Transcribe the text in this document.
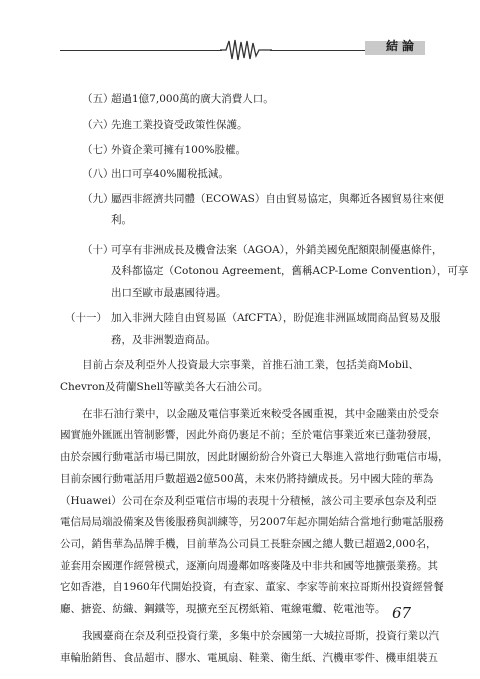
結論
67
（五）
超過1億7,000萬的廣大消費人口。
（六）
先進工業投資受政策性保護。
（七）
外資企業可擁有100%股權。
（八）
出口可享40%關稅抵減。
（九）
屬西非經濟共同體（ECOWAS）自由貿易協定，與鄰近各國貿易往來便
利。
（十）
可享有非洲成長及機會法案（AGOA），外銷美國免配額限制優惠條件，
及科都協定（Cotonou Agreement，舊稱ACP-Lome Convention），可享
出口至歐市最惠國待遇。
（十一） 加入非洲大陸自由貿易區（AfCFTA），盼促進非洲區域間商品貿易及服
務，及非洲製造商品。
目前占奈及利亞外人投資最大宗事業，首推石油工業，包括美商Mobil、
Chevron及荷蘭Shell等歐美各大石油公司。
在非石油行業中，以金融及電信事業近來較受各國重視，其中金融業由於受奈
國實施外匯匯出管制影響，因此外商仍裹足不前；至於電信事業近來已蓬勃發展，
由於奈國行動電話市場已開放，因此財團紛紛合外資已大舉進入當地行動電信市場，
目前奈國行動電話用戶數超過2億500萬，未來仍將持續成長。另中國大陸的華為
（Huawei）公司在奈及利亞電信市場的表現十分積極，該公司主要承包奈及利亞
電信局局端設備案及售後服務與訓練等，另2007年起亦開始結合當地行動電話服務
公司，銷售華為品牌手機，目前華為公司員工長駐奈國之總人數已超過2,000名，
並套用奈國運作經營模式，逐漸向周邊鄰如喀麥隆及中非共和國等地擴張業務。其
它如香港，自1960年代開始投資，有查家、董家、李家等前來拉哥斯州投資經營餐
廳、搪瓷、紡織、鋼鐵等，現擴充至瓦楞紙箱、電線電纜、乾電池等。
我國臺商在奈及利亞投資行業，多集中於奈國第一大城拉哥斯，投資行業以汽
車輪胎銷售、食品超市、膠水、電風扇、鞋業、衛生紙、汽機車零件、機車組裝五
